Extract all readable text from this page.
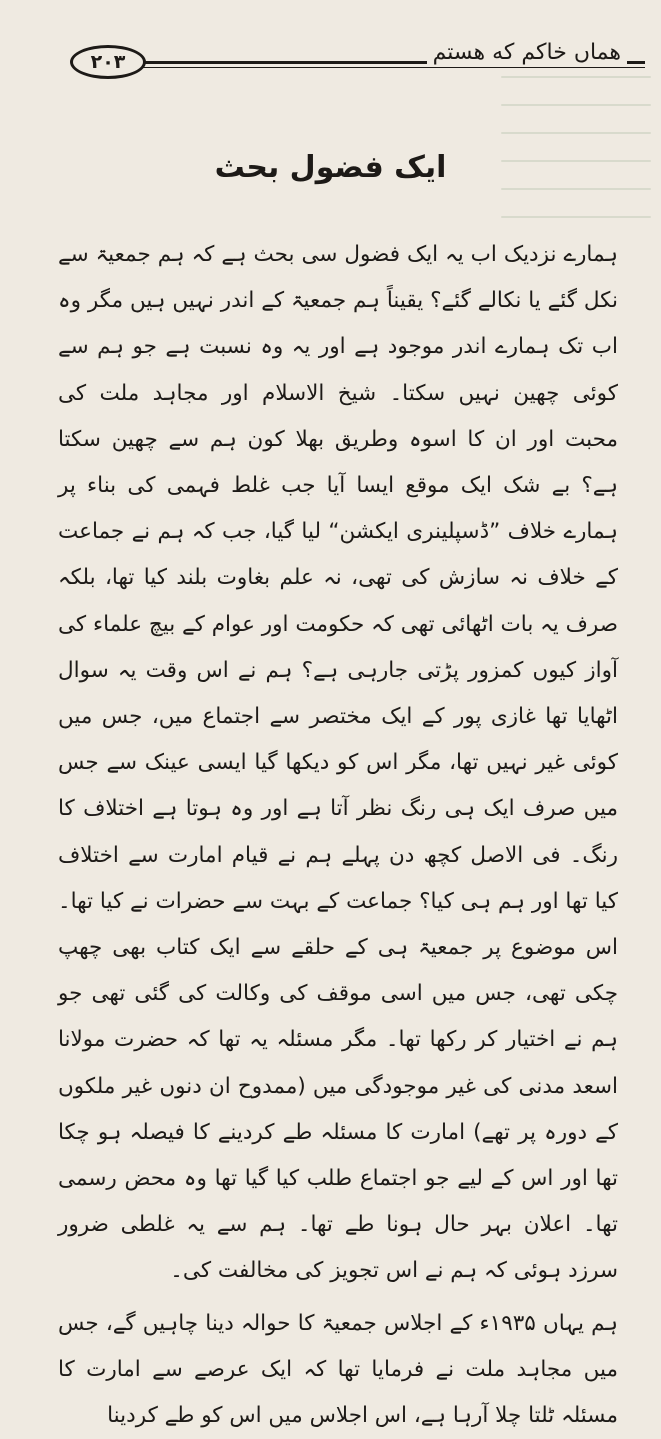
۲۰۳	هماں خاکم که هستم
ایک فضول بحث

ہمارے نزدیک اب یہ ایک فضول سی بحث ہے کہ ہم جمعیۃ سے نکل گئے یا نکالے گئے؟ یقیناً ہم جمعیۃ کے اندر نہیں ہیں مگر وہ اب تک ہمارے اندر موجود ہے اور یہ وہ نسبت ہے جو ہم سے کوئی چھین نہیں سکتا۔ شیخ الاسلام اور مجاہد ملت کی محبت اور ان کا اسوہ وطریق بھلا کون ہم سے چھین سکتا ہے؟ بے شک ایک موقع ایسا آیا جب غلط فہمی کی بناء پر ہمارے خلاف ”ڈسپلینری ایکشن“ لیا گیا، جب کہ ہم نے جماعت کے خلاف نہ سازش کی تھی، نہ علم بغاوت بلند کیا تھا، بلکہ صرف یہ بات اٹھائی تھی کہ حکومت اور عوام کے بیچ علماء کی آواز کیوں کمزور پڑتی جارہی ہے؟ ہم نے اس وقت یہ سوال اٹھایا تھا غازی پور کے ایک مختصر سے اجتماع میں، جس میں کوئی غیر نہیں تھا، مگر اس کو دیکھا گیا ایسی عینک سے جس میں صرف ایک ہی رنگ نظر آتا ہے اور وہ ہوتا ہے اختلاف کا رنگ۔ فی الاصل کچھ دن پہلے ہم نے قیام امارت سے اختلاف کیا تھا اور ہم ہی کیا؟ جماعت کے بہت سے حضرات نے کیا تھا۔ اس موضوع پر جمعیۃ ہی کے حلقے سے ایک کتاب بھی چھپ چکی تھی، جس میں اسی موقف کی وکالت کی گئی تھی جو ہم نے اختیار کر رکھا تھا۔ مگر مسئلہ یہ تھا کہ حضرت مولانا اسعد مدنی کی غیر موجودگی میں (ممدوح ان دنوں غیر ملکوں کے دورہ پر تھے) امارت کا مسئلہ طے کردینے کا فیصلہ ہو چکا تھا اور اس کے لیے جو اجتماع طلب کیا گیا تھا وہ محض رسمی تھا۔ اعلان بہر حال ہونا طے تھا۔ ہم سے یہ غلطی ضرور سرزد ہوئی کہ ہم نے اس تجویز کی مخالفت کی۔

ہم یہاں ۱۹۳۵ء کے اجلاس جمعیۃ کا حوالہ دینا چاہیں گے، جس میں مجاہد ملت نے فرمایا تھا کہ ایک عرصے سے امارت کا مسئلہ ٹلتا چلا آرہا ہے، اس اجلاس میں اس کو طے کردینا
